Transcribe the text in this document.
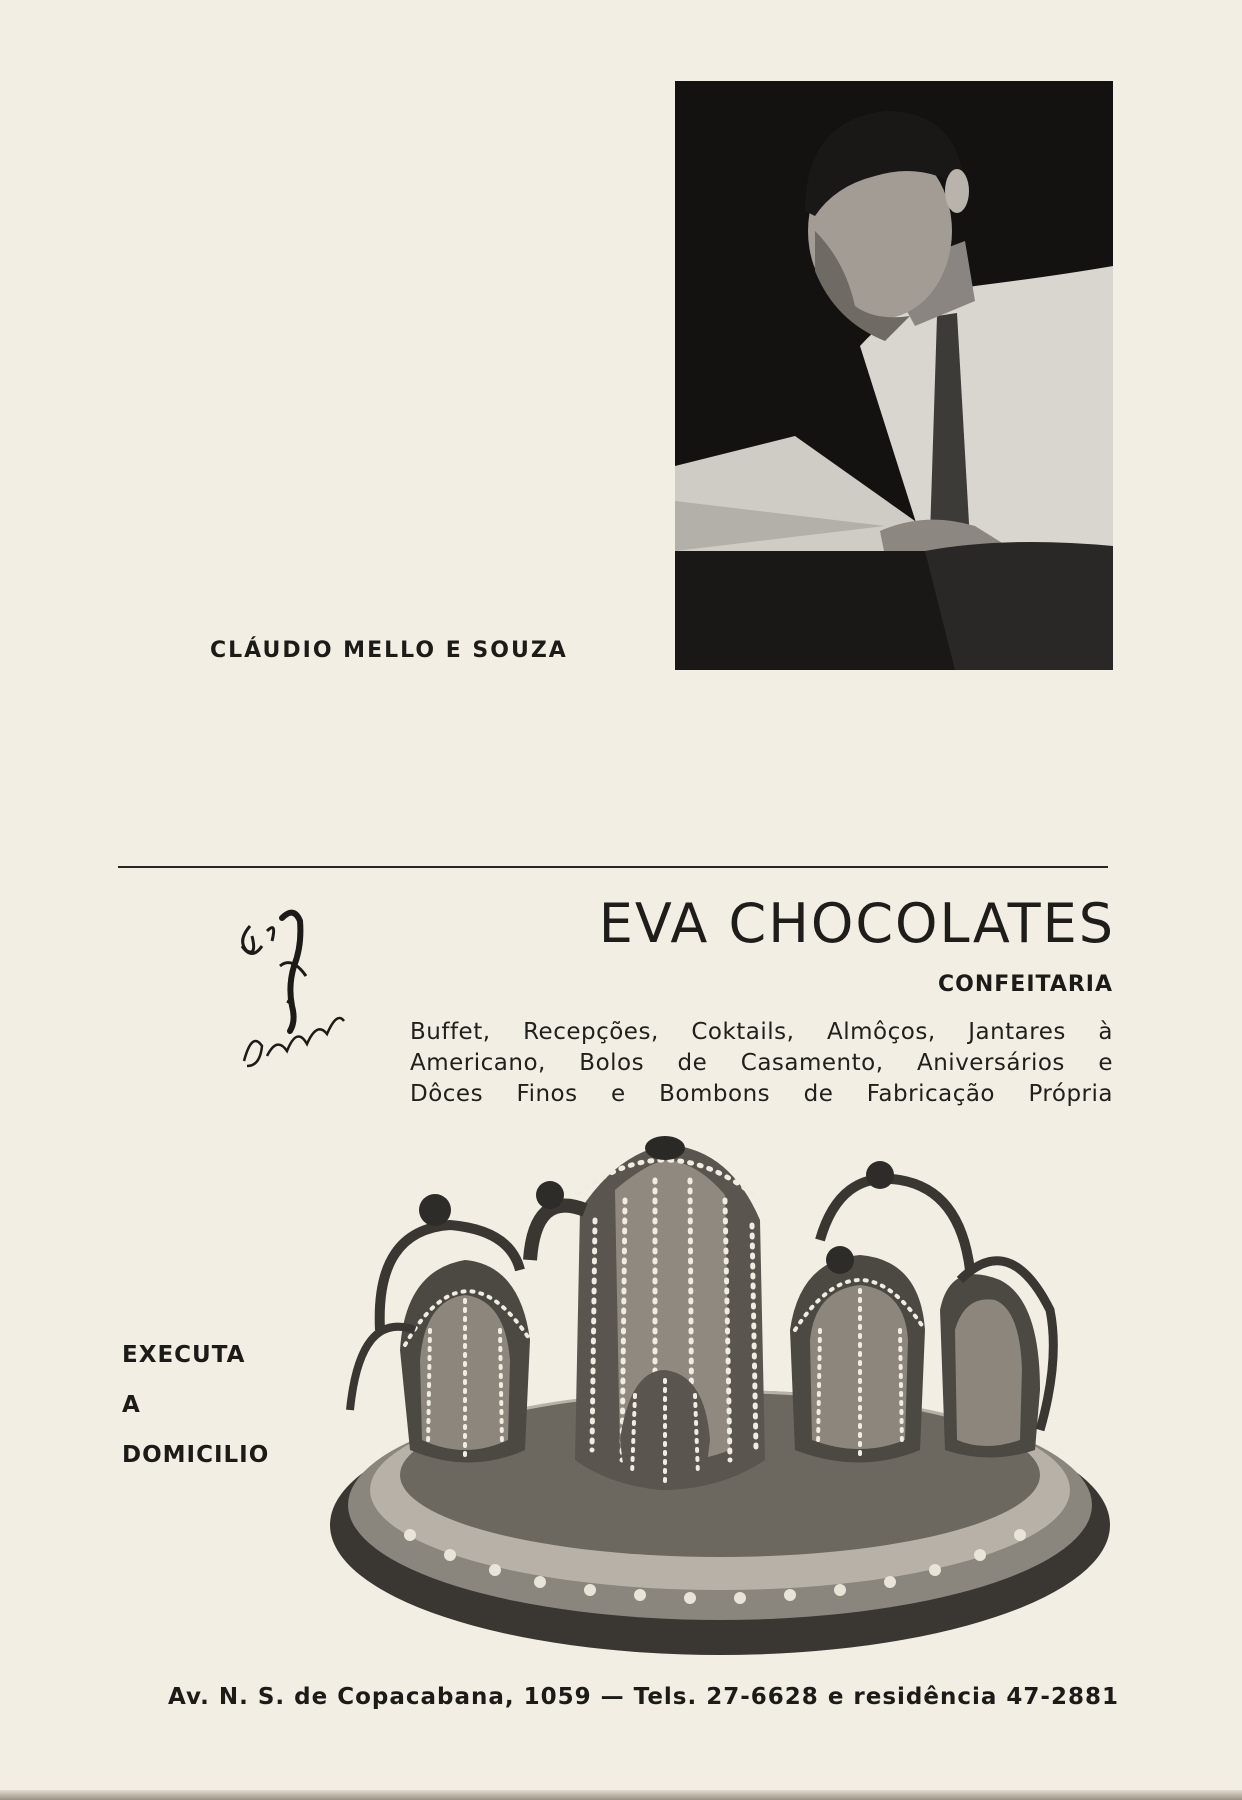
CLÁUDIO MELLO E SOUZA
EVA CHOCOLATES
CONFEITARIA
Buffet, Recepções, Coktails, Almôços, Jantares à
Americano, Bolos de Casamento, Aniversários e
Dôces Finos e Bombons de Fabricação Própria
EXECUTA
A
DOMICILIO
Av. N. S. de Copacabana, 1059 — Tels. 27-6628 e residência 47-2881
